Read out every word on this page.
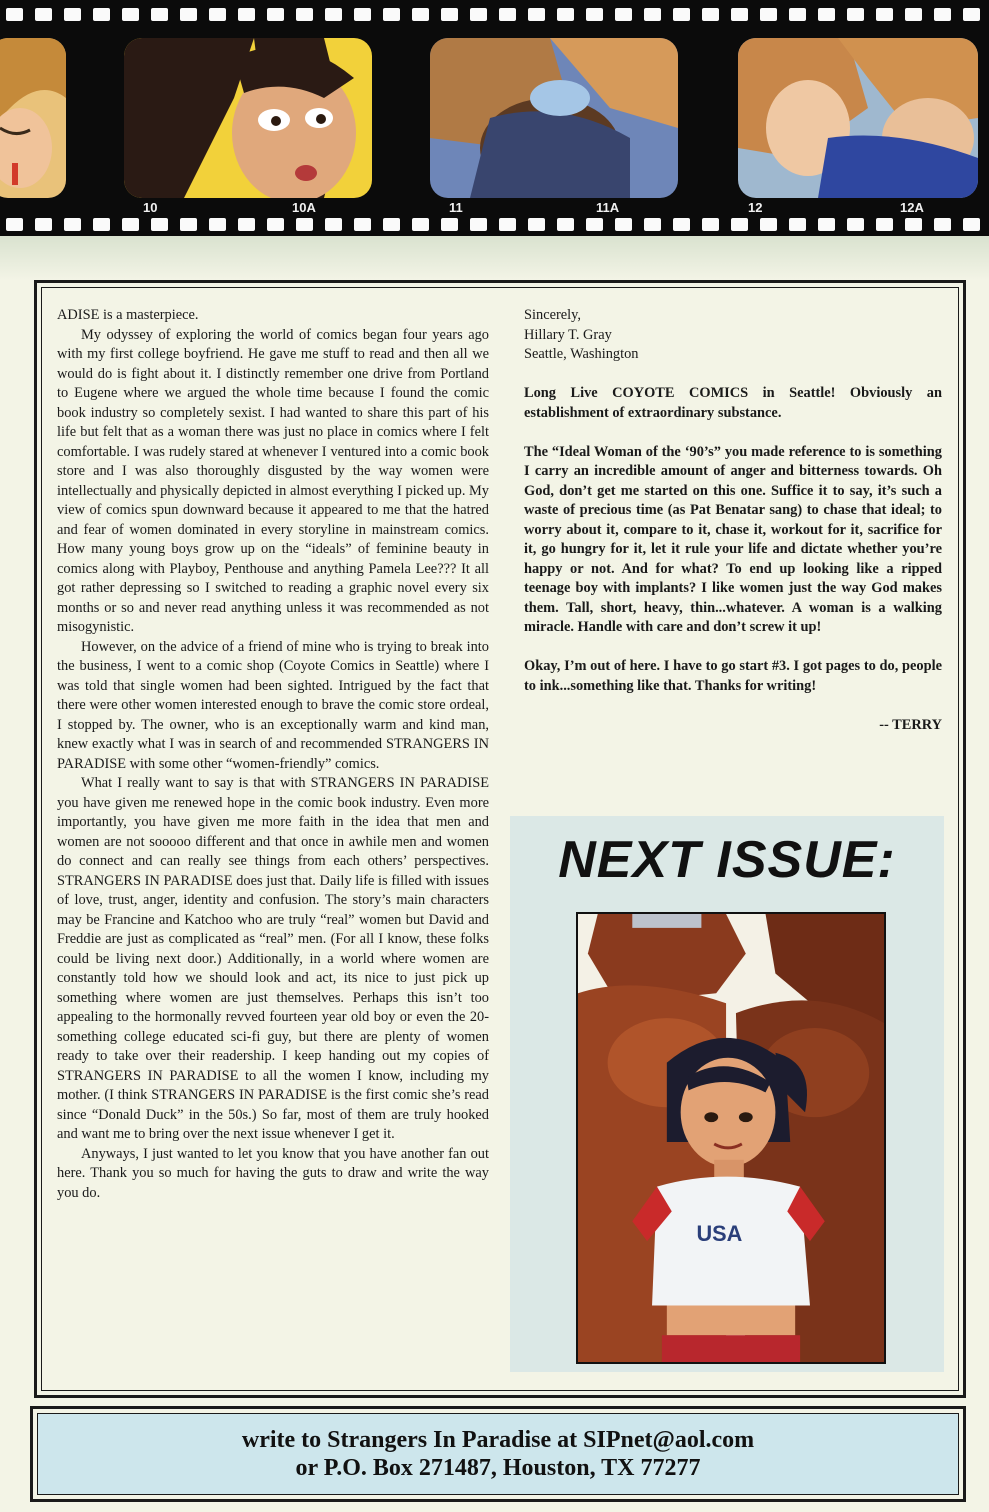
10	10A	11	11A	12	12A

ADISE is a masterpiece.

My odyssey of exploring the world of comics began four years ago with my first college boyfriend. He gave me stuff to read and then all we would do is fight about it. I distinctly remember one drive from Portland to Eugene where we argued the whole time because I found the comic book industry so completely sexist. I had wanted to share this part of his life but felt that as a woman there was just no place in comics where I felt comfortable. I was rudely stared at whenever I ventured into a comic book store and I was also thoroughly disgusted by the way women were intellectually and physically depicted in almost everything I picked up. My view of comics spun downward because it appeared to me that the hatred and fear of women dominated in every storyline in mainstream comics. How many young boys grow up on the “ideals” of feminine beauty in comics along with Playboy, Penthouse and anything Pamela Lee??? It all got rather depressing so I switched to reading a graphic novel every six months or so and never read anything unless it was recommended as not misogynistic.

However, on the advice of a friend of mine who is trying to break into the business, I went to a comic shop (Coyote Comics in Seattle) where I was told that single women had been sighted. Intrigued by the fact that there were other women interested enough to brave the comic store ordeal, I stopped by. The owner, who is an exceptionally warm and kind man, knew exactly what I was in search of and recommended STRANGERS IN PARADISE with some other “women-friendly” comics.

What I really want to say is that with STRANGERS IN PARADISE you have given me renewed hope in the comic book industry. Even more importantly, you have given me more faith in the idea that men and women are not sooooo different and that once in awhile men and women do connect and can really see things from each others’ perspectives. STRANGERS IN PARADISE does just that. Daily life is filled with issues of love, trust, anger, identity and confusion. The story’s main characters may be Francine and Katchoo who are truly “real” women but David and Freddie are just as complicated as “real” men. (For all I know, these folks could be living next door.) Additionally, in a world where women are constantly told how we should look and act, its nice to just pick up something where women are just themselves. Perhaps this isn’t too appealing to the hormonally revved fourteen year old boy or even the 20-something college educated sci-fi guy, but there are plenty of women ready to take over their readership. I keep handing out my copies of STRANGERS IN PARADISE to all the women I know, including my mother. (I think STRANGERS IN PARADISE is the first comic she’s read since “Donald Duck” in the 50s.) So far, most of them are truly hooked and want me to bring over the next issue whenever I get it.

Anyways, I just wanted to let you know that you have another fan out here. Thank you so much for having the guts to draw and write the way you do.

Sincerely,
Hillary T. Gray
Seattle, Washington

Long Live COYOTE COMICS in Seattle! Obviously an establishment of extraordinary substance.

The “Ideal Woman of the ‘90’s” you made reference to is something I carry an incredible amount of anger and bitterness towards. Oh God, don’t get me started on this one. Suffice it to say, it’s such a waste of precious time (as Pat Benatar sang) to chase that ideal; to worry about it, compare to it, chase it, workout for it, sacrifice for it, go hungry for it, let it rule your life and dictate whether you’re happy or not. And for what? To end up looking like a ripped teenage boy with implants? I like women just the way God makes them. Tall, short, heavy, thin...whatever. A woman is a walking miracle. Handle with care and don’t screw it up!

Okay, I’m out of here. I have to go start #3. I got pages to do, people to ink...something like that. Thanks for writing!

-- TERRY

NEXT ISSUE:
USA
write to Strangers In Paradise at SIPnet@aol.com
or P.O. Box 271487, Houston, TX 77277
